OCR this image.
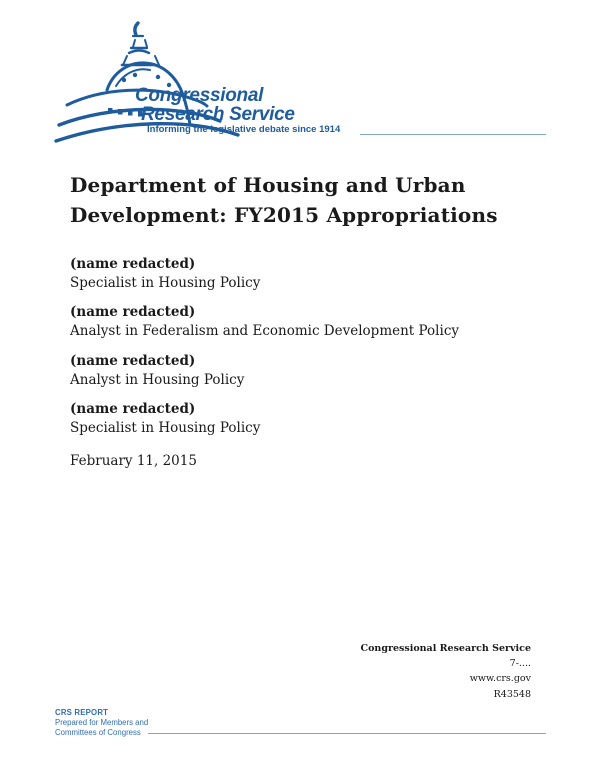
Congressional
Research Service
Informing the legislative debate since 1914
Department of Housing and Urban
Development: FY2015 Appropriations
(name redacted)
Specialist in Housing Policy
(name redacted)
Analyst in Federalism and Economic Development Policy
(name redacted)
Analyst in Housing Policy
(name redacted)
Specialist in Housing Policy
February 11, 2015
Congressional Research Service
7-....
www.crs.gov
R43548
CRS REPORT
Prepared for Members and
Committees of Congress
